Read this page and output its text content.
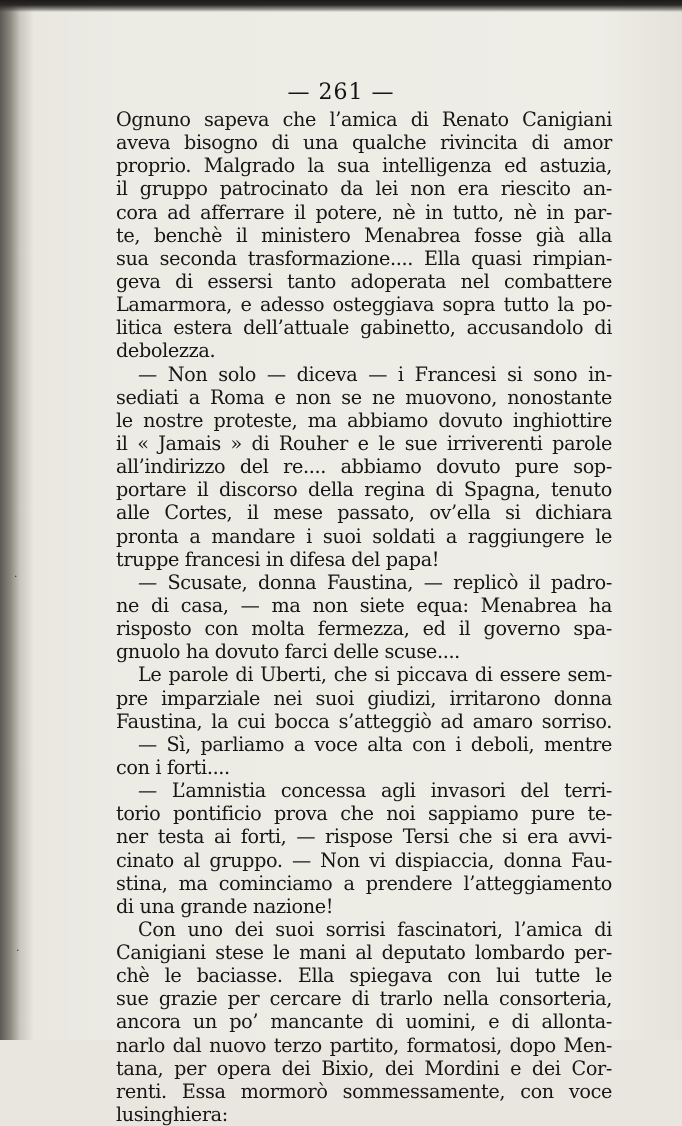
— 261 —
Ognuno sapeva che l’amica di Renato Canigiani
aveva bisogno di una qualche rivincita di amor
proprio. Malgrado la sua intelligenza ed astuzia,
il gruppo patrocinato da lei non era riescito an-
cora ad afferrare il potere, nè in tutto, nè in par-
te, benchè il ministero Menabrea fosse già alla
sua seconda trasformazione.... Ella quasi rimpian-
geva di essersi tanto adoperata nel combattere
Lamarmora, e adesso osteggiava sopra tutto la po-
litica estera dell’attuale gabinetto, accusandolo di
debolezza.
— Non solo — diceva — i Francesi si sono in-
sediati a Roma e non se ne muovono, nonostante
le nostre proteste, ma abbiamo dovuto inghiottire
il « Jamais » di Rouher e le sue irriverenti parole
all’indirizzo del re.... abbiamo dovuto pure sop-
portare il discorso della regina di Spagna, tenuto
alle Cortes, il mese passato, ov’ella si dichiara
pronta a mandare i suoi soldati a raggiungere le
truppe francesi in difesa del papa!
— Scusate, donna Faustina, — replicò il padro-
ne di casa, — ma non siete equa: Menabrea ha
risposto con molta fermezza, ed il governo spa-
gnuolo ha dovuto farci delle scuse....
Le parole di Uberti, che si piccava di essere sem-
pre imparziale nei suoi giudizi, irritarono donna
Faustina, la cui bocca s’atteggiò ad amaro sorriso.
— Sì, parliamo a voce alta con i deboli, mentre
con i forti....
— L’amnistia concessa agli invasori del terri-
torio pontificio prova che noi sappiamo pure te-
ner testa ai forti, — rispose Tersi che si era avvi-
cinato al gruppo. — Non vi dispiaccia, donna Fau-
stina, ma cominciamo a prendere l’atteggiamento
di una grande nazione!
Con uno dei suoi sorrisi fascinatori, l’amica di
Canigiani stese le mani al deputato lombardo per-
chè le baciasse. Ella spiegava con lui tutte le
sue grazie per cercare di trarlo nella consorteria,
ancora un po’ mancante di uomini, e di allonta-
narlo dal nuovo terzo partito, formatosi, dopo Men-
tana, per opera dei Bixio, dei Mordini e dei Cor-
renti. Essa mormorò sommessamente, con voce
lusinghiera:
·
·
